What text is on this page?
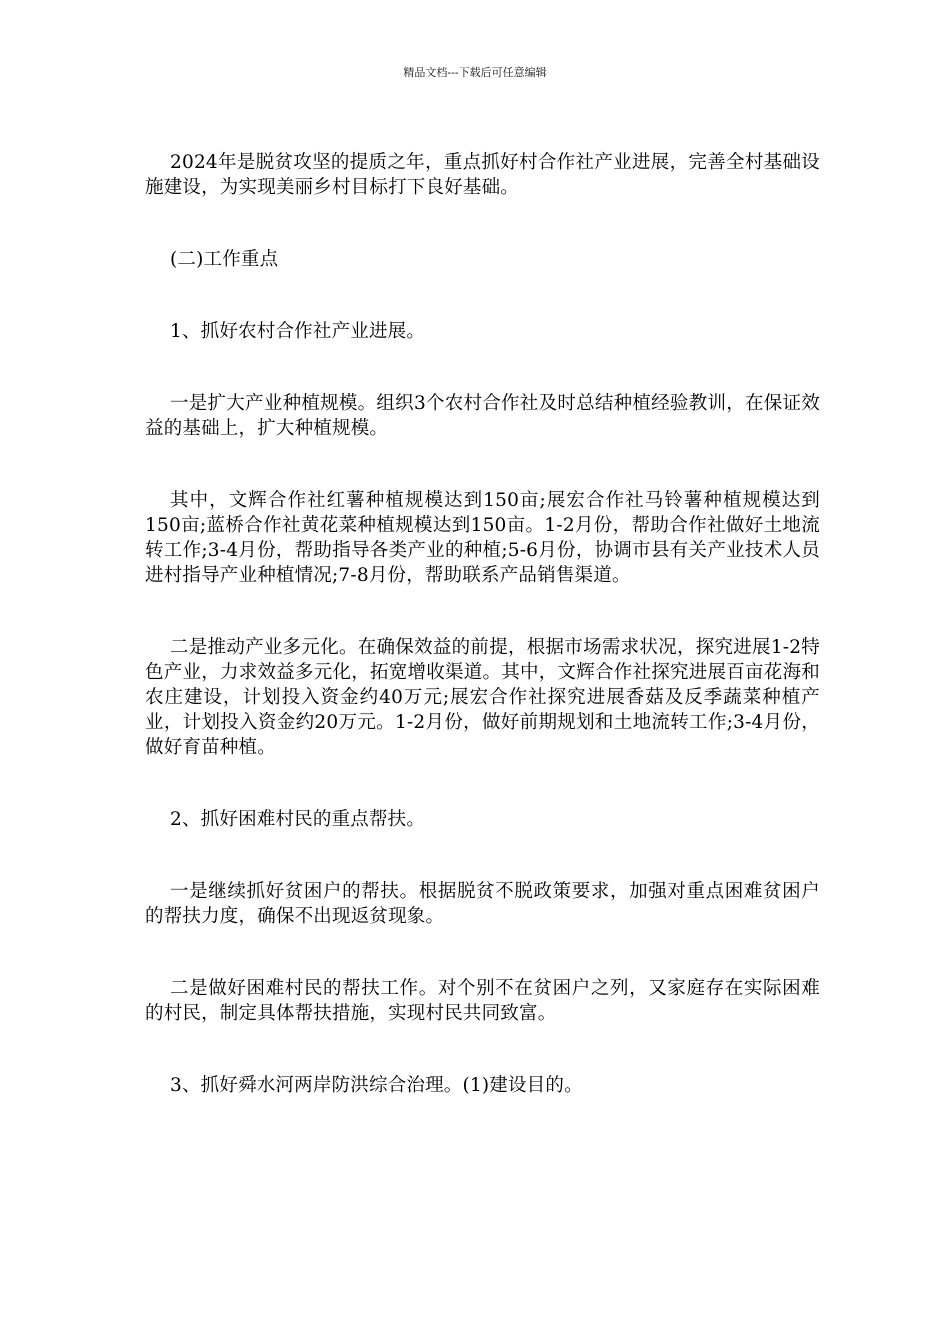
精品文档---下载后可任意编辑

2024年是脱贫攻坚的提质之年，重点抓好村合作社产业进展，完善全村基础设施建设，为实现美丽乡村目标打下良好基础。

(二)工作重点

1、抓好农村合作社产业进展。

一是扩大产业种植规模。组织3个农村合作社及时总结种植经验教训，在保证效益的基础上，扩大种植规模。

其中，文辉合作社红薯种植规模达到150亩;展宏合作社马铃薯种植规模达到150亩;蓝桥合作社黄花菜种植规模达到150亩。1-2月份，帮助合作社做好土地流转工作;3-4月份，帮助指导各类产业的种植;5-6月份，协调市县有关产业技术人员进村指导产业种植情况;7-8月份，帮助联系产品销售渠道。

二是推动产业多元化。在确保效益的前提，根据市场需求状况，探究进展1-2特色产业，力求效益多元化，拓宽增收渠道。其中，文辉合作社探究进展百亩花海和农庄建设，计划投入资金约40万元;展宏合作社探究进展香菇及反季蔬菜种植产业，计划投入资金约20万元。1-2月份，做好前期规划和土地流转工作;3-4月份，做好育苗种植。

2、抓好困难村民的重点帮扶。

一是继续抓好贫困户的帮扶。根据脱贫不脱政策要求，加强对重点困难贫困户的帮扶力度，确保不出现返贫现象。

二是做好困难村民的帮扶工作。对个别不在贫困户之列，又家庭存在实际困难的村民，制定具体帮扶措施，实现村民共同致富。

3、抓好舜水河两岸防洪综合治理。(1)建设目的。
